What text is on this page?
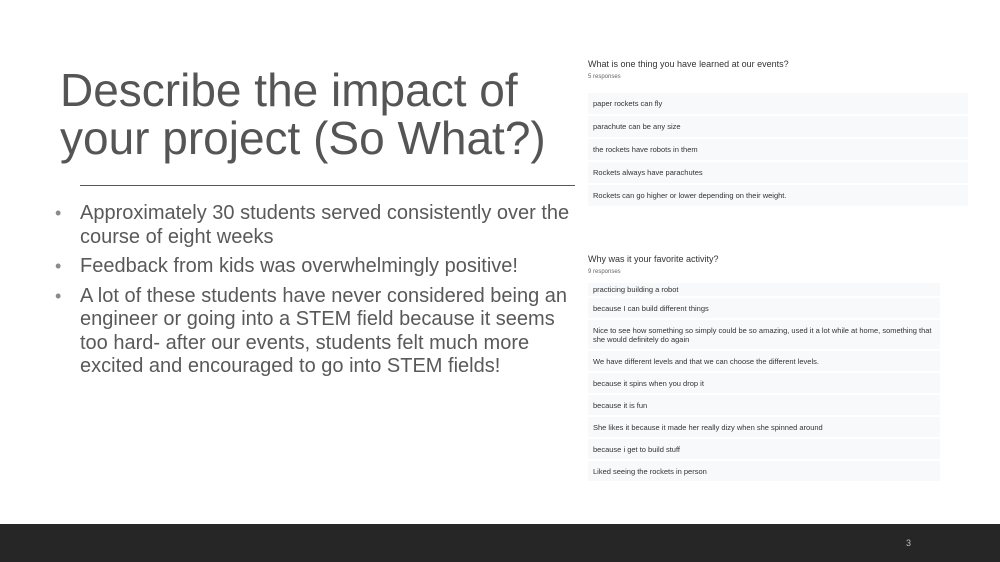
Describe the impact of your project (So What?)
• Approximately 30 students served consistently over the course of eight weeks
• Feedback from kids was overwhelmingly positive!
• A lot of these students have never considered being an engineer or going into a STEM field because it seems too hard- after our events, students felt much more excited and encouraged to go into STEM fields!
What is one thing you have learned at our events?
5 responses
paper rockets can fly
parachute can be any size
the rockets have robots in them
Rockets always have parachutes
Rockets can go higher or lower depending on their weight.
Why was it your favorite activity?
9 responses
practicing building a robot
because I can build different things
Nice to see how something so simply could be so amazing, used it a lot while at home, something that she would definitely do again
We have different levels and that we can choose the different levels.
because it spins when you drop it
because it is fun
She likes it because it made her really dizy when she spinned around
because i get to build stuff
Liked seeing the rockets in person
3
